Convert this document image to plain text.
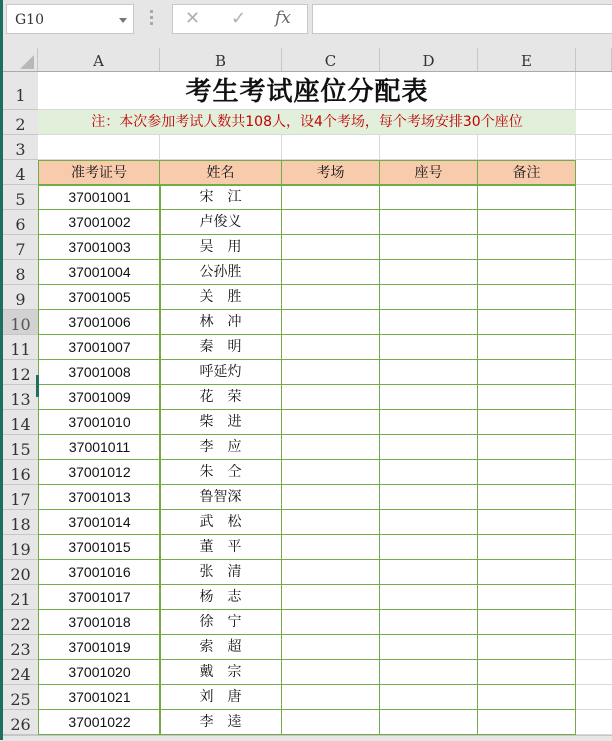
G10	✕ ✓ fx
A	B	C	D	E
1
2
3
4
5
6
7
8
9
10
11
12
13
14
15
16
17
18
19
20
21
22
23
24
25
26
考生考试座位分配表
注：本次参加考试人数共108人，设4个考场，每个考场安排30个座位
准考证号	姓名	考场	座号	备注
37001001	宋　江
37001002	卢俊义
37001003	吴　用
37001004	公孙胜
37001005	关　胜
37001006	林　冲
37001007	秦　明
37001008	呼延灼
37001009	花　荣
37001010	柴　进
37001011	李　应
37001012	朱　仝
37001013	鲁智深
37001014	武　松
37001015	董　平
37001016	张　清
37001017	杨　志
37001018	徐　宁
37001019	索　超
37001020	戴　宗
37001021	刘　唐
37001022	李　逵
